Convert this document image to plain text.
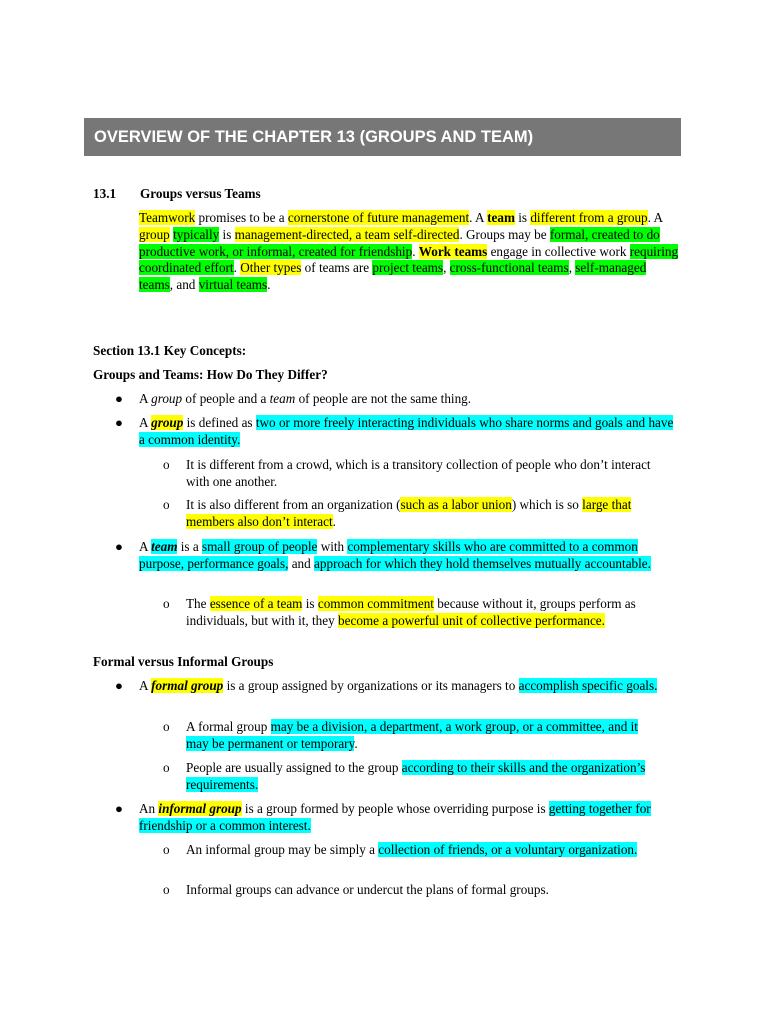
OVERVIEW OF THE CHAPTER 13 (GROUPS AND TEAM)
13.1 Groups versus Teams
Teamwork promises to be a cornerstone of future management. A team is different from a group. A group typically is management-directed, a team self-directed. Groups may be formal, created to do productive work, or informal, created for friendship. Work teams engage in collective work requiring coordinated effort. Other types of teams are project teams, cross-functional teams, self-managed teams, and virtual teams.
Section 13.1 Key Concepts:
Groups and Teams: How Do They Differ?
● A group of people and a team of people are not the same thing.
● A group is defined as two or more freely interacting individuals who share norms and goals and have a common identity.
o It is different from a crowd, which is a transitory collection of people who don’t interact with one another.
o It is also different from an organization (such as a labor union) which is so large that members also don’t interact.
● A team is a small group of people with complementary skills who are committed to a common purpose, performance goals, and approach for which they hold themselves mutually accountable.
o The essence of a team is common commitment because without it, groups perform as individuals, but with it, they become a powerful unit of collective performance.
Formal versus Informal Groups
● A formal group is a group assigned by organizations or its managers to accomplish specific goals.
o A formal group may be a division, a department, a work group, or a committee, and it may be permanent or temporary.
o People are usually assigned to the group according to their skills and the organization’s requirements.
● An informal group is a group formed by people whose overriding purpose is getting together for friendship or a common interest.
o An informal group may be simply a collection of friends, or a voluntary organization.
o Informal groups can advance or undercut the plans of formal groups.
